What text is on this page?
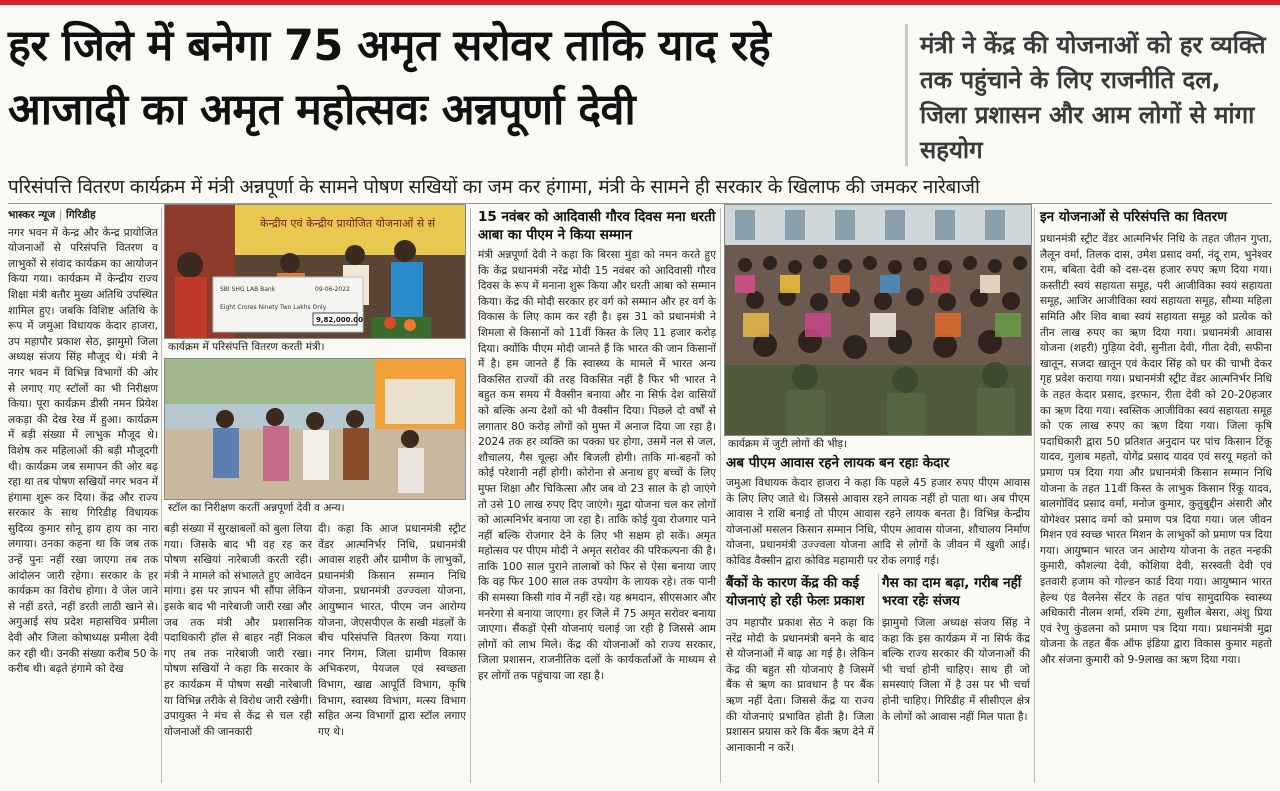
हर जिले में बनेगा 75 अमृत सरोवर ताकि याद रहे आजादी का अमृत महोत्सवः अन्नपूर्णा देवी
मंत्री ने केंद्र की योजनाओं को हर व्यक्ति तक पहुंचाने के लिए राजनीति दल, जिला प्रशासन और आम लोगों से मांगा सहयोग
परिसंपत्ति वितरण कार्यक्रम में मंत्री अन्नपूर्णा के सामने पोषण सखियों का जम कर हंगामा, मंत्री के सामने ही सरकार के खिलाफ की जमकर नारेबाजी
भास्कर न्यूज | गिरिडीह
नगर भवन में केन्द्र और केन्द्र प्रायोजित योजनाओं से परिसंपत्ति वितरण व लाभुकों से संवाद कार्यक्रम का आयोजन किया गया। कार्यक्रम में केन्द्रीय राज्य शिक्षा मंत्री बतौर मुख्य अतिथि उपस्थित शामिल हुए। जबकि विशिष्ट अतिथि के रूप में जमुआ विधायक केदार हाजरा, उप महापौर प्रकाश सेठ, झामुमो जिला अध्यक्ष संजय सिंह मौजूद थे। मंत्री ने नगर भवन में विभिन्न विभागों की ओर से लगाए गए स्टॉलों का भी निरीक्षण किया। पूरा कार्यक्रम डीसी नमन प्रियेश लकड़ा की देख रेख में हुआ। कार्यक्रम में बड़ी संख्या में लाभुक मौजूद थे। विशेष कर महिलाओं की बड़ी मौजूदगी थी। कार्यक्रम जब समापन की ओर बढ़ रहा था तब पोषण सखियों नगर भवन में हंगामा शुरू कर दिया। केंद्र और राज्य सरकार के साथ गिरिडीह विधायक सुदिव्य कुमार सोनू हाय हाय का नारा लगाया। उनका कहना था कि जब तक उन्हें पुनः नहीं रखा जाएगा तब तक आंदोलन जारी रहेगा। सरकार के हर कार्यक्रम का विरोध होगा। वे जेल जाने से नहीं डरते, नहीं डरती लाठी खाने से। अगुआई संघ प्रदेश महासचिव प्रमीला देवी और जिला कोषाध्यक्ष प्रमीला देवी कर रही थी। उनकी संख्या करीब 50 के करीब थी। बढ़ते हंगामे को देख
केन्द्रीय एवं केन्द्रीय प्रायोजित योजनाओं से सं
SBI SHG LAB Bank	09-06-2022
Eight Crores Ninety Two Lakhs Only
9,82,000.00
कार्यक्रम में परिसंपत्ति वितरण करती मंत्री।
स्टॉल का निरीक्षण करतीं अन्नपूर्णा देवी व अन्य।
बड़ी संख्या में सुरक्षाबलों को बुला लिया गया। जिसके बाद भी वह रह कर पोषण सखियां नारेबाजी करती रही। मंत्री ने मामले को संभालते हुए आवेदन मांगा। इस पर ज्ञापन भी सौंपा लेकिन इसके बाद भी नारेबाजी जारी रखा और जब तक मंत्री और प्रशासनिक पदाधिकारी हॉल से बाहर नहीं निकल गए तब तक नारेबाजी जारी रखा। पोषण सखियों ने कहा कि सरकार के हर कार्यक्रम में पोषण सखी नारेबाजी या विभिन्न तरीके से विरोध जारी रखेगी। उपायुक्त ने मंच से केंद्र से चल रही योजनाओं की जानकारी
दी। कहा कि आज प्रधानमंत्री स्ट्रीट वेंडर आत्मनिर्भर निधि, प्रधानमंत्री आवास शहरी और ग्रामीण के लाभुकों, प्रधानमंत्री किसान सम्मान निधि योजना, प्रधानमंत्री उज्ज्वला योजना, आयुष्मान भारत, पीएम जन आरोग्य योजना, जेएसपीएल के सखी मंडलों के बीच परिसंपत्ति वितरण किया गया। नगर निगम, जिला ग्रामीण विकास अभिकरण, पेयजल एवं स्वच्छता विभाग, खाद्य आपूर्ति विभाग, कृषि विभाग, स्वास्थ्य विभाग, मत्स्य विभाग सहित अन्य विभागों द्वारा स्टॉल लगाए गए थे।
15 नवंबर को आदिवासी गौरव दिवस मना धरती आबा का पीएम ने किया सम्मान
मंत्री अन्नपूर्णा देवी ने कहा कि बिरसा मुंडा को नमन करते हुए कि केंद्र प्रधानमंत्री नरेंद्र मोदी 15 नवंबर को आदिवासी गौरव दिवस के रूप में मनाना शुरू किया और धरती आबा को सम्मान किया। केंद्र की मोदी सरकार हर वर्ग को सम्मान और हर वर्ग के विकास के लिए काम कर रही है। इस 31 को प्रधानमंत्री ने शिमला से किसानों को 11वीं किस्त के लिए 11 हजार करोड़ दिया। क्योंकि पीएम मोदी जानते हैं कि भारत की जान किसानों में है। हम जानते हैं कि स्वास्थ्य के मामले में भारत अन्य विकसित राज्यों की तरह विकसित नहीं है फिर भी भारत ने बहुत कम समय में वैक्सीन बनाया और ना सिर्फ देश वासियों को बल्कि अन्य देशों को भी वैक्सीन दिया। पिछले दो वर्षों से लगातार 80 करोड़ लोगों को मुफ्त में अनाज दिया जा रहा है। 2024 तक हर व्यक्ति का पक्का घर होगा, उसमें नल से जल, शौचालय, गैस चूल्हा और बिजली होगी। ताकि मां-बहनों को कोई परेशानी नहीं होगी। कोरोना से अनाथ हुए बच्चों के लिए मुफ्त शिक्षा और चिकित्सा और जब वो 23 साल के हो जाएंगे तो उसे 10 लाख रुपए दिए जाएंगे। मुद्रा योजना चल कर लोगों को आत्मनिर्भर बनाया जा रहा है। ताकि कोई युवा रोजगार पाने नहीं बल्कि रोजगार देने के लिए भी सक्षम हो सकें। अमृत महोत्सव पर पीएम मोदी ने अमृत सरोवर की परिकल्पना की है। ताकि 100 साल पुराने तालाबों को फिर से ऐसा बनाया जाए कि वह फिर 100 साल तक उपयोग के लायक रहे। तक पानी की समस्या किसी गांव में नहीं रहे। यह श्रमदान, सीएसआर और मनरेगा से बनाया जाएगा। हर जिले में 75 अमृत सरोवर बनाया जाएगा। सैंकड़ों ऐसी योजनाएं चलाई जा रही है जिससे आम लोगों को लाभ मिले। केंद्र की योजनाओं को राज्य सरकार, जिला प्रशासन, राजनीतिक दलों के कार्यकर्ताओं के माध्यम से हर लोगों तक पहुंचाया जा रहा है।
कार्यक्रम में जुटी लोगों की भीड़।
अब पीएम आवास रहने लायक बन रहाः केदार
जमुआ विधायक केदार हाजरा ने कहा कि पहले 45 हजार रुपए पीएम आवास के लिए लिए जाते थे। जिससे आवास रहने लायक नहीं हो पाता था। अब पीएम आवास ने राशि बनाई तो पीएम आवास रहने लायक बनता है। विभिन्न केन्द्रीय योजनाओं मसलन किसान सम्मान निधि, पीएम आवास योजना, शौचालय निर्माण योजना, प्रधानमंत्री उज्ज्वला योजना आदि से लोगों के जीवन में खुशी आई। कोविड वैक्सीन द्वारा कोविड महामारी पर रोक लगाई गई।
बैंकों के कारण केंद्र की कई योजनाएं हो रही फेलः प्रकाश
उप महापौर प्रकाश सेठ ने कहा कि नरेंद्र मोदी के प्रधानमंत्री बनने के बाद से योजनाओं में बाढ़ आ गई है। लेकिन केंद्र की बहुत सी योजनाएं है जिसमें बैंक से ऋण का प्रावधान है पर बैंक ऋण नहीं देता। जिससे केंद्र या राज्य की योजनाएं प्रभावित होती है। जिला प्रशासन प्रयास करे कि बैंक ऋण देने में आनाकानी न करें।
गैस का दाम बढ़ा, गरीब नहीं भरवा रहेः संजय
झामुमो जिला अध्यक्ष संजय सिंह ने कहा कि इस कार्यक्रम में ना सिर्फ केंद्र बल्कि राज्य सरकार की योजनाओं की भी चर्चा होनी चाहिए। साथ ही जो समस्याएं जिला में है उस पर भी चर्चा होनी चाहिए। गिरिडीह में सीसीएल क्षेत्र के लोगों को आवास नहीं मिल पाता है।
इन योजनाओं से परिसंपत्ति का वितरण
प्रधानमंत्री स्ट्रीट वेंडर आत्मनिर्भर निधि के तहत जीतन गुप्ता, लैलून वर्मा, तिलक दास, उमेश प्रसाद वर्मा, नंदू राम, भुनेश्वर राम, बबिता देवी को दस-दस हजार रुपए ऋण दिया गया। कस्तीटी स्वयं सहायता समूह, परी आजीविका स्वयं सहायता समूह, आजिर आजीविका स्वयं सहायता समूह, सौम्या महिला समिति और शिव बाबा स्वयं सहायता समूह को प्रत्येक को तीन लाख रुपए का ऋण दिया गया। प्रधानमंत्री आवास योजना (शहरी) गुड़िया देवी, सुनीता देवी, गीता देवी, सफीना खातून, सजदा खातून एवं केदार सिंह को घर की चाभी देकर गृह प्रवेश कराया गया। प्रधानमंत्री स्ट्रीट वेंडर आत्मनिर्भर निधि के तहत केदार प्रसाद, इरफान, रीता देवी को 20-20हजार का ऋण दिया गया। स्वस्तिक आजीविका स्वयं सहायता समूह को एक लाख रुपए का ऋण दिया गया। जिला कृषि पदाधिकारी द्वारा 50 प्रतिशत अनुदान पर पांच किसान टिंकू यादव, गुलाब महतो, योगेंद्र प्रसाद यादव एवं सरयू महतो को प्रमाण पत्र दिया गया और प्रधानमंत्री किसान सम्मान निधि योजना के तहत 11वीं किस्त के लाभुक किसान रिंकू यादव, बालगोविंद प्रसाद वर्मा, मनोज कुमार, कुतुबुद्दीन अंसारी और योगेश्वर प्रसाद वर्मा को प्रमाण पत्र दिया गया। जल जीवन मिशन एवं स्वच्छ भारत मिशन के लाभुकों को प्रमाण पत्र दिया गया। आयुष्मान भारत जन आरोग्य योजना के तहत नन्हकी कुमारी, कौशल्या देवी, कोशिया देवी, सरस्वती देवी एवं इतवारी हजाम को गोल्डन कार्ड दिया गया। आयुष्मान भारत हेल्थ एंड वैलनेस सेंटर के तहत पांच सामुदायिक स्वास्थ्य अधिकारी नीलम शर्मा, रश्मि टंगा, सुशील बेसरा, अंशु प्रिया एवं रेणु कुंडलना को प्रमाण पत्र दिया गया। प्रधानमंत्री मुद्रा योजना के तहत बैंक ऑफ इंडिया द्वारा विकास कुमार महतो और संजना कुमारी को 9-9लाख का ऋण दिया गया।
